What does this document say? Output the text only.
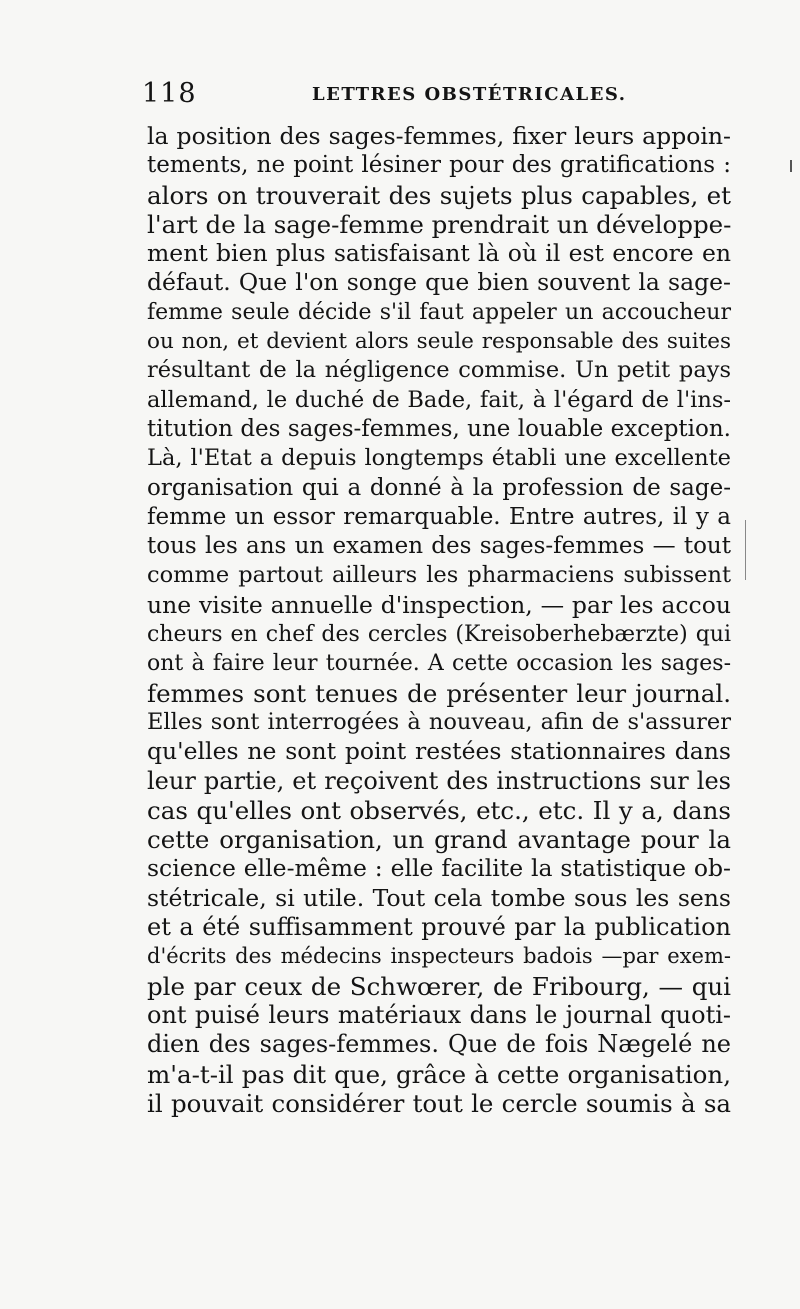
118	LETTRES OBSTÉTRICALES.
la position des sages-femmes, fixer leurs appoin-
tements, ne point lésiner pour des gratifications :
alors on trouverait des sujets plus capables, et
l'art de la sage-femme prendrait un développe-
ment bien plus satisfaisant là où il est encore en
défaut. Que l'on songe que bien souvent la sage-
femme seule décide s'il faut appeler un accoucheur
ou non, et devient alors seule responsable des suites
résultant de la négligence commise. Un petit pays
allemand, le duché de Bade, fait, à l'égard de l'ins-
titution des sages-femmes, une louable exception.
Là, l'Etat a depuis longtemps établi une excellente
organisation qui a donné à la profession de sage-
femme un essor remarquable. Entre autres, il y a
tous les ans un examen des sages-femmes — tout
comme partout ailleurs les pharmaciens subissent
une visite annuelle d'inspection, — par les accou
cheurs en chef des cercles (Kreisoberhebærzte) qui
ont à faire leur tournée. A cette occasion les sages-
femmes sont tenues de présenter leur journal.
Elles sont interrogées à nouveau, afin de s'assurer
qu'elles ne sont point restées stationnaires dans
leur partie, et reçoivent des instructions sur les
cas qu'elles ont observés, etc., etc. Il y a, dans
cette organisation, un grand avantage pour la
science elle-même : elle facilite la statistique ob-
stétricale, si utile. Tout cela tombe sous les sens
et a été suffisamment prouvé par la publication
d'écrits des médecins inspecteurs badois —par exem-
ple par ceux de Schwœrer, de Fribourg, — qui
ont puisé leurs matériaux dans le journal quoti-
dien des sages-femmes. Que de fois Nægelé ne
m'a-t-il pas dit que, grâce à cette organisation,
il pouvait considérer tout le cercle soumis à sa
